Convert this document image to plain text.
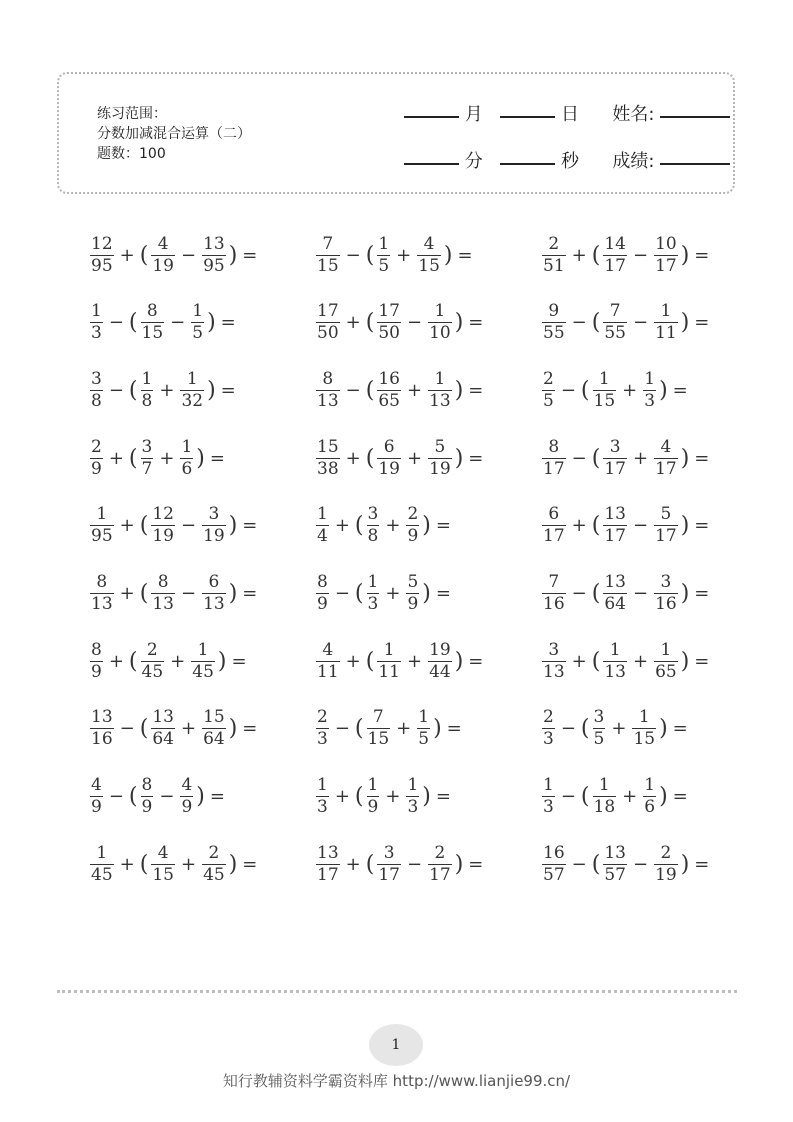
练习范围：
分数加减混合运算（二）
题数：100
月	日 姓名:
分	秒 成绩:
$\frac{12}{95}$ + ( $\frac{4}{19} - \frac{13}{95}$ ) =	$\frac{7}{15}$ − ( $\frac{1}{5} + \frac{4}{15}$ ) =	$\frac{2}{51}$ + ( $\frac{14}{17} - \frac{10}{17}$ ) =
$\frac{1}{3}$ − ( $\frac{8}{15} - \frac{1}{5}$ ) =	$\frac{17}{50}$ + ( $\frac{17}{50} - \frac{1}{10}$ ) =	$\frac{9}{55}$ − ( $\frac{7}{55} - \frac{1}{11}$ ) =
$\frac{3}{8}$ − ( $\frac{1}{8} + \frac{1}{32}$ ) =	$\frac{8}{13}$ − ( $\frac{16}{65} + \frac{1}{13}$ ) =	$\frac{2}{5}$ − ( $\frac{1}{15} + \frac{1}{3}$ ) =
$\frac{2}{9}$ + ( $\frac{3}{7} + \frac{1}{6}$ ) =	$\frac{15}{38}$ + ( $\frac{6}{19} + \frac{5}{19}$ ) =	$\frac{8}{17}$ − ( $\frac{3}{17} + \frac{4}{17}$ ) =
$\frac{1}{95}$ + ( $\frac{12}{19} - \frac{3}{19}$ ) =	$\frac{1}{4}$ + ( $\frac{3}{8} + \frac{2}{9}$ ) =	$\frac{6}{17}$ + ( $\frac{13}{17} - \frac{5}{17}$ ) =
$\frac{8}{13}$ + ( $\frac{8}{13} - \frac{6}{13}$ ) =	$\frac{8}{9}$ − ( $\frac{1}{3} + \frac{5}{9}$ ) =	$\frac{7}{16}$ − ( $\frac{13}{64} - \frac{3}{16}$ ) =
$\frac{8}{9}$ + ( $\frac{2}{45} + \frac{1}{45}$ ) =	$\frac{4}{11}$ + ( $\frac{1}{11} + \frac{19}{44}$ ) =	$\frac{3}{13}$ + ( $\frac{1}{13} + \frac{1}{65}$ ) =
$\frac{13}{16}$ − ( $\frac{13}{64} + \frac{15}{64}$ ) =	$\frac{2}{3}$ − ( $\frac{7}{15} + \frac{1}{5}$ ) =	$\frac{2}{3}$ − ( $\frac{3}{5} + \frac{1}{15}$ ) =
$\frac{4}{9}$ − ( $\frac{8}{9} - \frac{4}{9}$ ) =	$\frac{1}{3}$ + ( $\frac{1}{9} + \frac{1}{3}$ ) =	$\frac{1}{3}$ − ( $\frac{1}{18} + \frac{1}{6}$ ) =
$\frac{1}{45}$ + ( $\frac{4}{15} + \frac{2}{45}$ ) =	$\frac{13}{17}$ + ( $\frac{3}{17} - \frac{2}{17}$ ) =	$\frac{16}{57}$ − ( $\frac{13}{57} - \frac{2}{19}$ ) =
1
知行教辅资料学霸资料库 http://www.lianjie99.cn/
